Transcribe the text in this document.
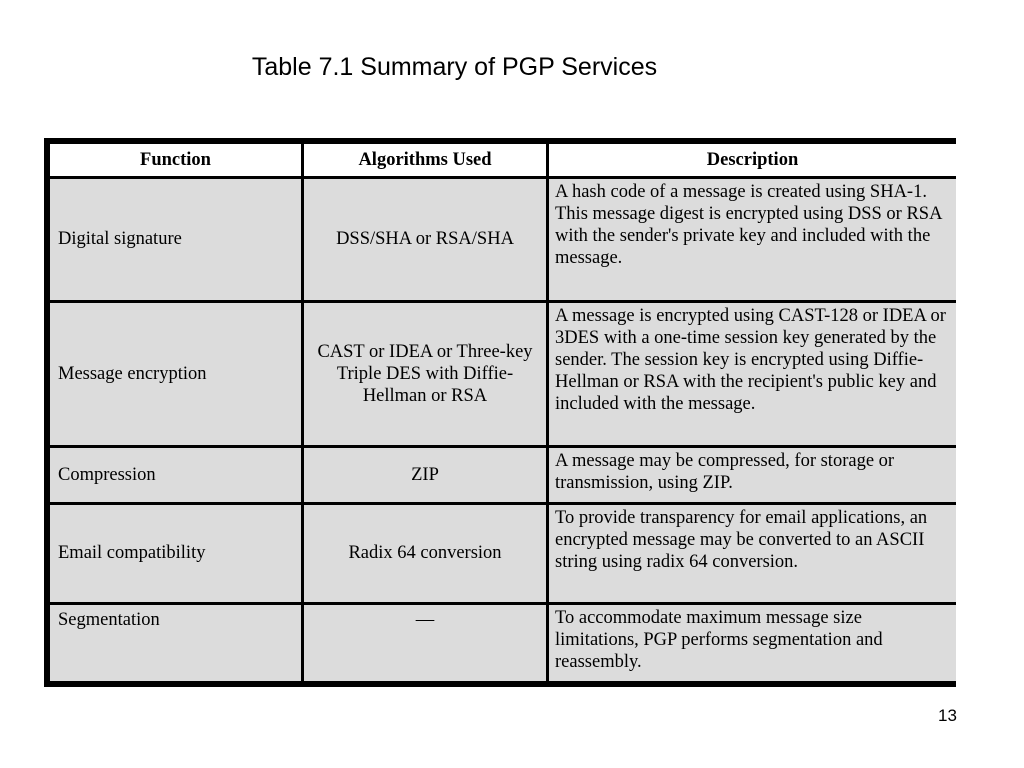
Table 7.1 Summary of PGP Services
Function	Algorithms Used	Description
Digital signature	DSS/SHA or RSA/SHA	A hash code of a message is created using SHA-1. This message digest is encrypted using DSS or RSA with the sender's private key and included with the message.
Message encryption	CAST or IDEA or Three-key Triple DES with Diffie-Hellman or RSA	A message is encrypted using CAST-128 or IDEA or 3DES with a one-time session key generated by the sender. The session key is encrypted using Diffie-Hellman or RSA with the recipient's public key and included with the message.
Compression	ZIP	A message may be compressed, for storage or transmission, using ZIP.
Email compatibility	Radix 64 conversion	To provide transparency for email applications, an encrypted message may be converted to an ASCII string using radix 64 conversion.
Segmentation	—	To accommodate maximum message size limitations, PGP performs segmentation and reassembly.
13
